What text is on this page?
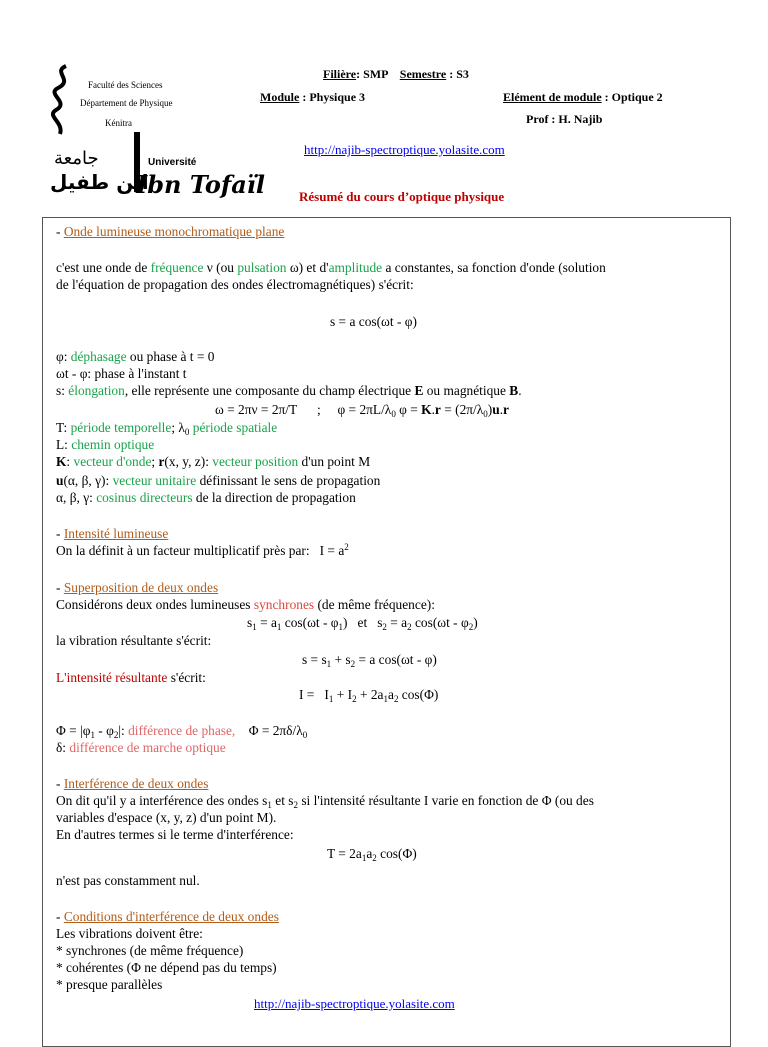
Filière: SMP Semestre : S3
Module : Physique 3	Elément de module : Optique 2
Prof : H. Najib
Faculté des Sciences
Département de Physique
Kénitra
جامعة	Université
ابن طفيل
Ibn Tofaïl
http://najib-spectroptique.yolasite.com
Résumé du cours d’optique physique
- Onde lumineuse monochromatique plane
c'est une onde de fréquence ν (ou pulsation ω) et d'amplitude a constantes, sa fonction d'onde (solution
de l'équation de propagation des ondes électromagnétiques) s'écrit:
s = a cos(ωt - φ)
φ: déphasage ou phase à t = 0
ωt - φ: phase à l'instant t
s: élongation, elle représente une composante du champ électrique E ou magnétique B.
ω = 2πν = 2π/T      ;     $\varphi = 2\pi L/\lambda_0$ $\varphi = K.r = (2\pi/\lambda_0)u.r$
T: période temporelle; $\lambda_0$ période spatiale
L: chemin optique
K: vecteur d'onde; r(x, y, z): vecteur position d'un point M
u(α, β, γ): vecteur unitaire définissant le sens de propagation
α, β, γ: cosinus directeurs de la direction de propagation
- Intensité lumineuse
On la définit à un facteur multiplicatif près par:   $I = a^2$
- Superposition de deux ondes
Considérons deux ondes lumineuses synchrones (de même fréquence):
$s_1 = a_1$ $\cos(\omega t - \varphi_1)$   et   $s_2 = a_2$ $\cos(\omega t - \varphi_2)$
la vibration résultante s'écrit:
$s = s_1 + s_2 = a$ cos(ωt - φ)
L'intensité résultante s'écrit:
$I = I_1 + I_2 + 2a_1a_2$ cos(Φ)
$\Phi = |\varphi_1 - \varphi_2|$: différence de phase,    $\Phi = 2\pi\delta/\lambda_0$
δ: différence de marche optique
- Interférence de deux ondes
On dit qu'il y a interférence des ondes $s_1$ et $s_2$ si l'intensité résultante I varie en fonction de Φ (ou des
variables d'espace (x, y, z) d'un point M).
En d'autres termes si le terme d'interférence:
$T = 2a_1a_2$ cos(Φ)
n'est pas constamment nul.
- Conditions d'interférence de deux ondes
Les vibrations doivent être:
* synchrones (de même fréquence)
* cohérentes (Φ ne dépend pas du temps)
* presque parallèles
http://najib-spectroptique.yolasite.com
